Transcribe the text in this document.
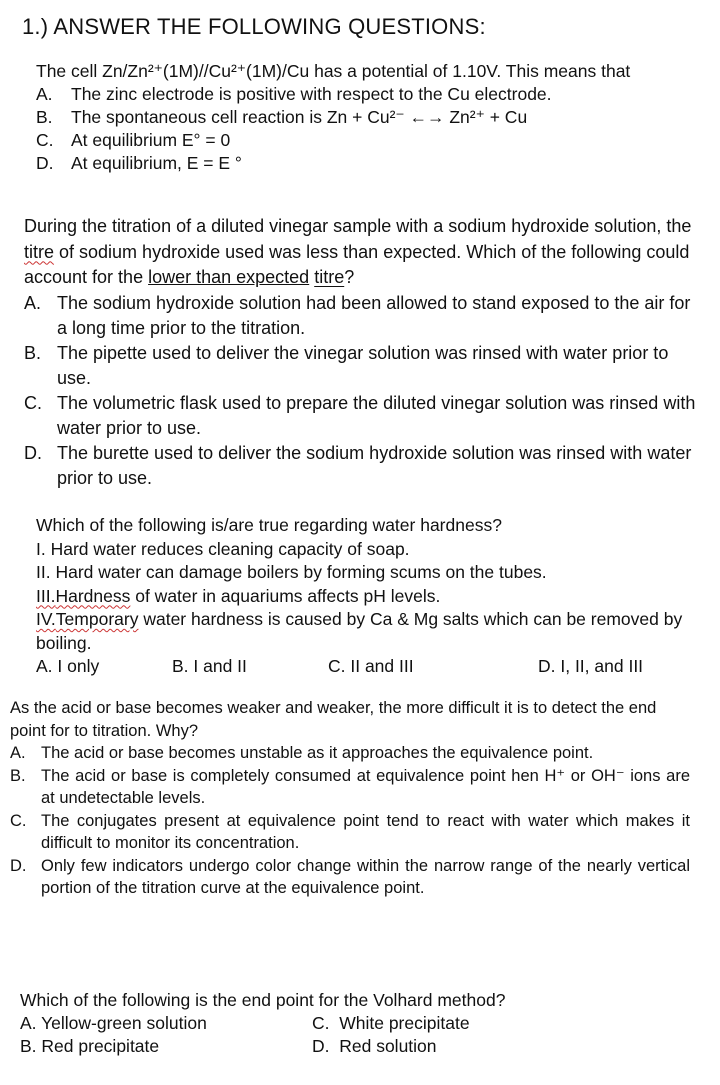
1.) ANSWER THE FOLLOWING QUESTIONS:
The cell Zn/Zn²⁺(1M)//Cu²⁺(1M)/Cu has a potential of 1.10V. This means that
A.	The zinc electrode is positive with respect to the Cu electrode.
B.	The spontaneous cell reaction is Zn + Cu²⁻ ←→ Zn²⁺ + Cu
C.	At equilibrium E° = 0
D.	At equilibrium, E = E °
During the titration of a diluted vinegar sample with a sodium hydroxide solution, the titre of sodium hydroxide used was less than expected. Which of the following could account for the lower than expected titre?
A. The sodium hydroxide solution had been allowed to stand exposed to the air for a long time prior to the titration.
B. The pipette used to deliver the vinegar solution was rinsed with water prior to use.
C. The volumetric flask used to prepare the diluted vinegar solution was rinsed with water prior to use.
D. The burette used to deliver the sodium hydroxide solution was rinsed with water prior to use.
Which of the following is/are true regarding water hardness?
I. Hard water reduces cleaning capacity of soap.
II. Hard water can damage boilers by forming scums on the tubes.
III.Hardness of water in aquariums affects pH levels.
IV.Temporary water hardness is caused by Ca & Mg salts which can be removed by boiling.
A. I only	B. I and II	C. II and III	D. I, II, and III
As the acid or base becomes weaker and weaker, the more difficult it is to detect the end point for to titration. Why?
A. The acid or base becomes unstable as it approaches the equivalence point.
B. The acid or base is completely consumed at equivalence point hen H⁺ or OH⁻ ions are at undetectable levels.
C. The conjugates present at equivalence point tend to react with water which makes it difficult to monitor its concentration.
D. Only few indicators undergo color change within the narrow range of the nearly vertical portion of the titration curve at the equivalence point.
Which of the following is the end point for the Volhard method?
A. Yellow-green solution	C. White precipitate
B. Red precipitate	D. Red solution
